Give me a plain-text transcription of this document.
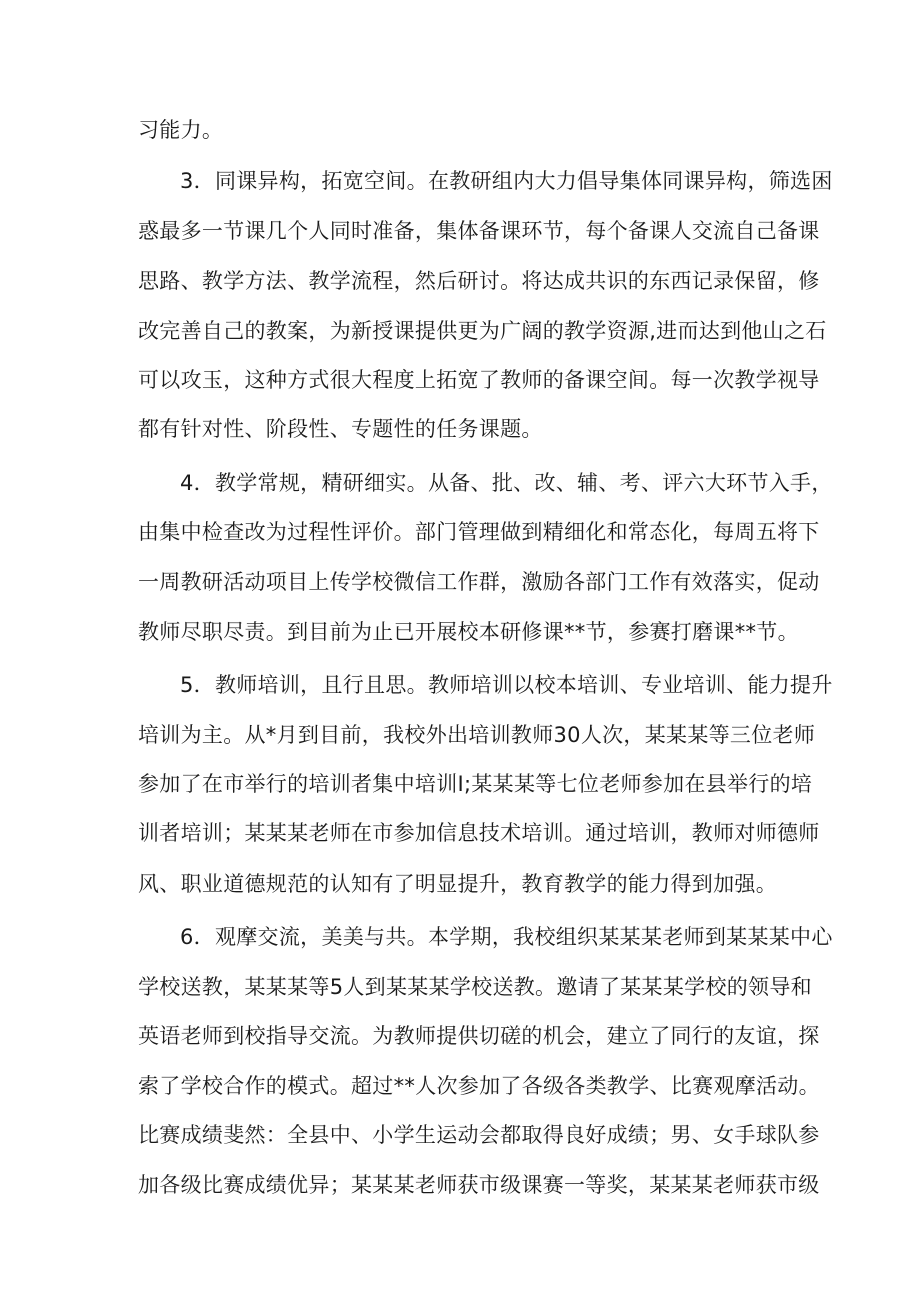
习能力。
3．同课异构，拓宽空间。在教研组内大力倡导集体同课异构，筛选困
惑最多一节课几个人同时准备，集体备课环节，每个备课人交流自己备课
思路、教学方法、教学流程，然后研讨。将达成共识的东西记录保留，修
改完善自己的教案，为新授课提供更为广阔的教学资源,进而达到他山之石
可以攻玉，这种方式很大程度上拓宽了教师的备课空间。每一次教学视导
都有针对性、阶段性、专题性的任务课题。
4．教学常规，精研细实。从备、批、改、辅、考、评六大环节入手，
由集中检查改为过程性评价。部门管理做到精细化和常态化，每周五将下
一周教研活动项目上传学校微信工作群，激励各部门工作有效落实，促动
教师尽职尽责。到目前为止已开展校本研修课**节，参赛打磨课**节。
5．教师培训，且行且思。教师培训以校本培训、专业培训、能力提升
培训为主。从*月到目前，我校外出培训教师30人次，某某某等三位老师
参加了在市举行的培训者集中培训I;某某某等七位老师参加在县举行的培
训者培训；某某某老师在市参加信息技术培训。通过培训，教师对师德师
风、职业道德规范的认知有了明显提升，教育教学的能力得到加强。
6．观摩交流，美美与共。本学期，我校组织某某某老师到某某某中心
学校送教，某某某等5人到某某某学校送教。邀请了某某某学校的领导和
英语老师到校指导交流。为教师提供切磋的机会，建立了同行的友谊，探
索了学校合作的模式。超过**人次参加了各级各类教学、比赛观摩活动。
比赛成绩斐然：全县中、小学生运动会都取得良好成绩；男、女手球队参
加各级比赛成绩优异；某某某老师获市级课赛一等奖，某某某老师获市级
